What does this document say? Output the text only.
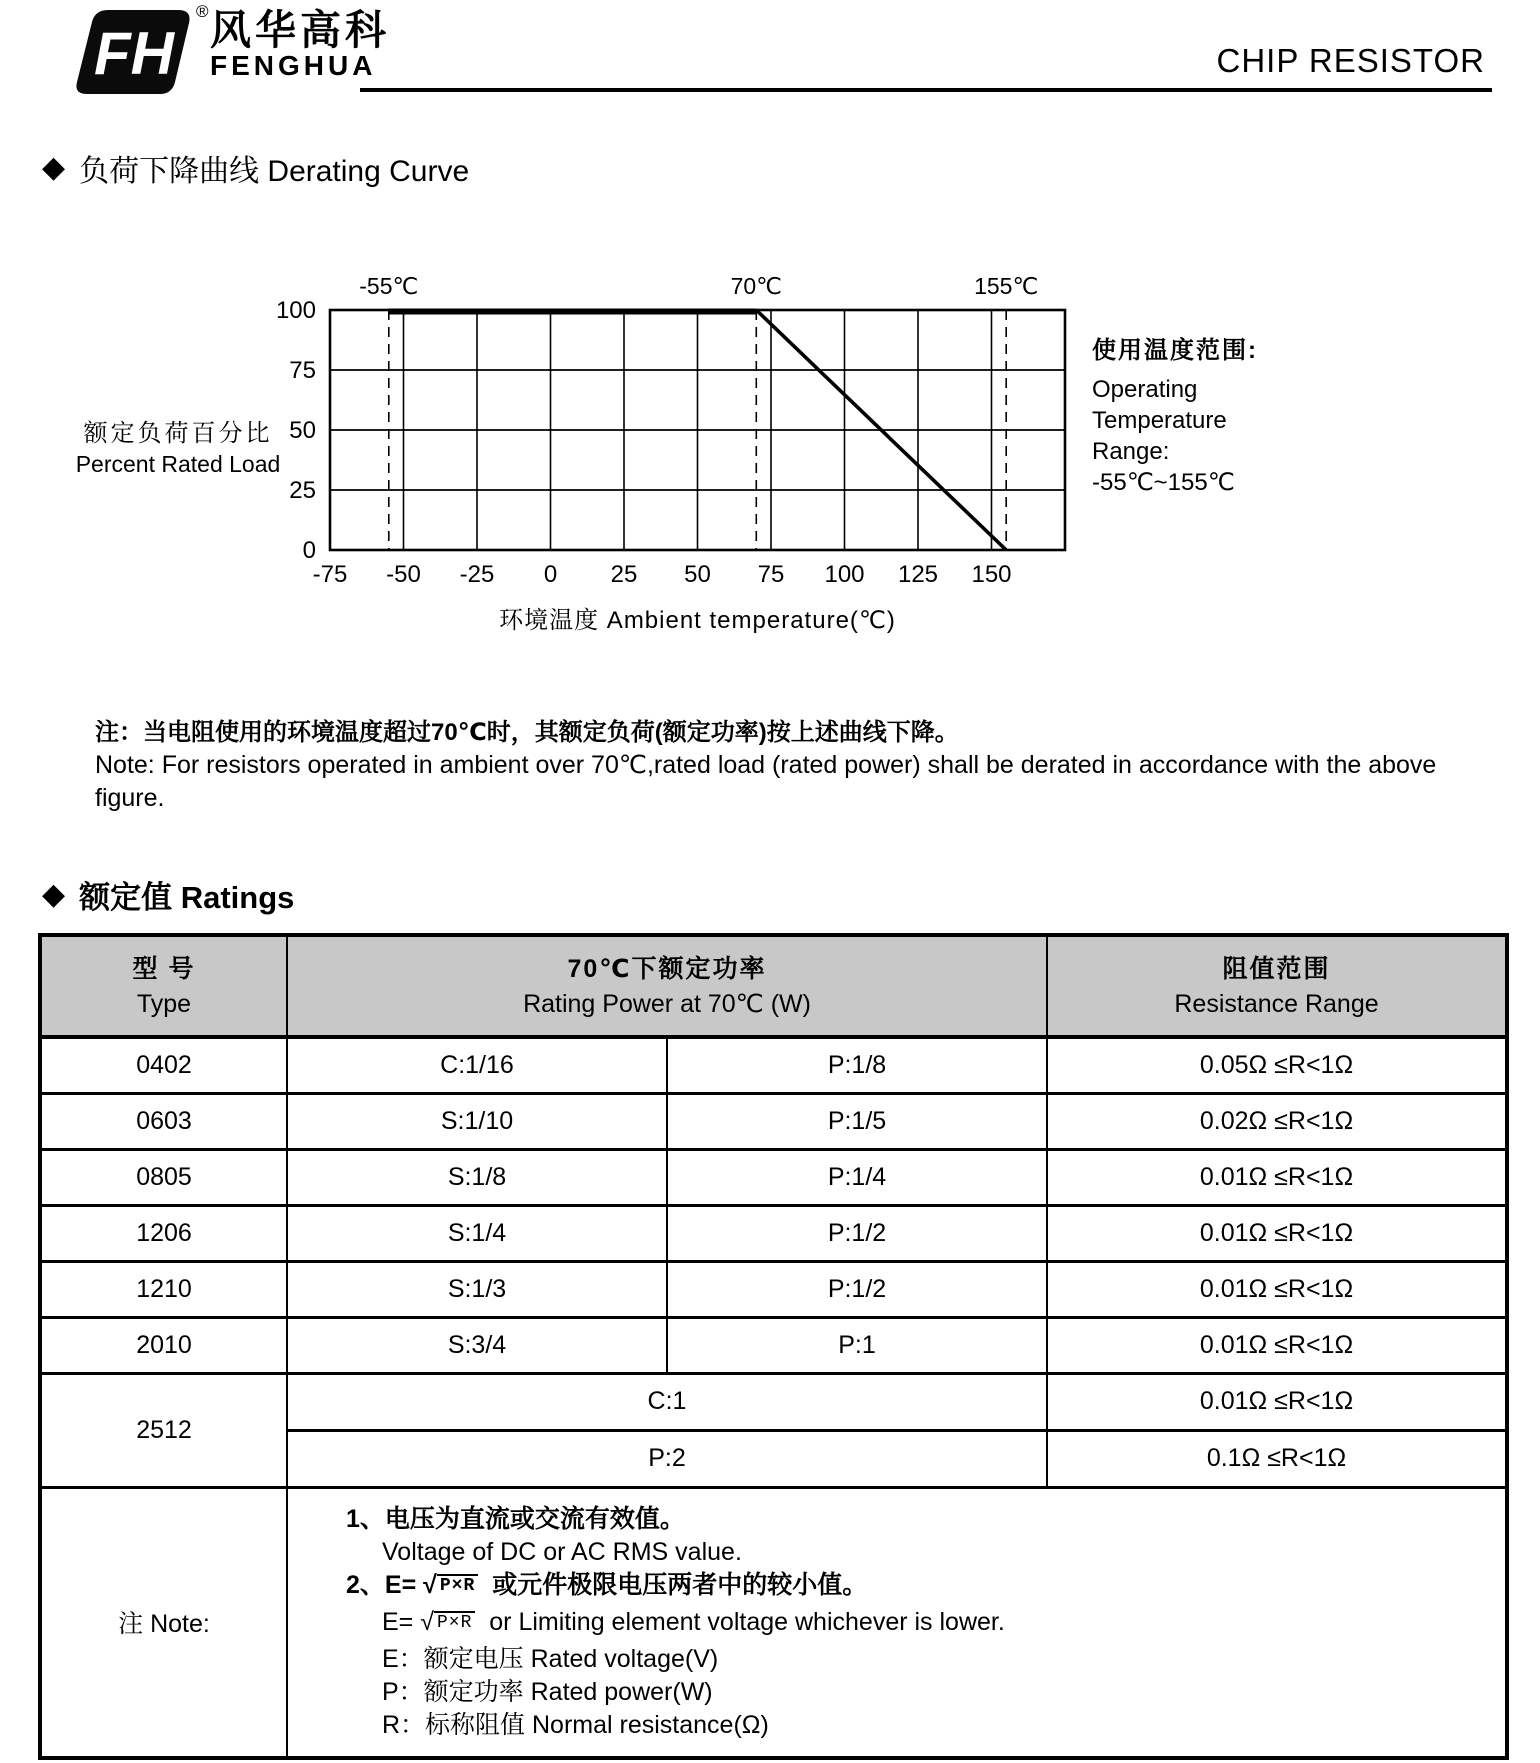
FH 风华高科
FENGHUA
®
CHIP RESISTOR
◆ 负荷下降曲线 Derating Curve
额定负荷百分比
Percent Rated Load
-55℃	70℃	155℃
0
25
50
75
100
-75 -50 -25 0 25 50 75 100 125 150
使用温度范围:
Operating
Temperature
Range:
-55℃~155℃
环境温度 Ambient temperature(℃)
注：当电阻使用的环境温度超过70℃时，其额定负荷(额定功率)按上述曲线下降。
Note: For resistors operated in ambient over 70℃,rated load (rated power) shall be derated in accordance with the above figure.
◆ 额定值 Ratings
型 号
Type

70℃下额定功率
Rating Power at 70℃ (W)

阻值范围
Resistance Range

0402	C:1/16	P:1/8	0.05Ω ≤R<1Ω
0603	S:1/10	P:1/5	0.02Ω ≤R<1Ω
0805	S:1/8	P:1/4	0.01Ω ≤R<1Ω
1206	S:1/4	P:1/2	0.01Ω ≤R<1Ω
1210	S:1/3	P:1/2	0.01Ω ≤R<1Ω
2010	S:3/4	P:1	0.01Ω ≤R<1Ω
2512	C:1		0.01Ω ≤R<1Ω
	P:2		0.1Ω ≤R<1Ω
注 Note:	
1、电压为直流或交流有效值。
Voltage of DC or AC RMS value.
2、E= √ P×R 或元件极限电压两者中的较小值。
E= √ P×R or Limiting element voltage whichever is lower.
E：额定电压 Rated voltage(V)
P：额定功率 Rated power(W)
R：标称阻值 Normal resistance(Ω)
